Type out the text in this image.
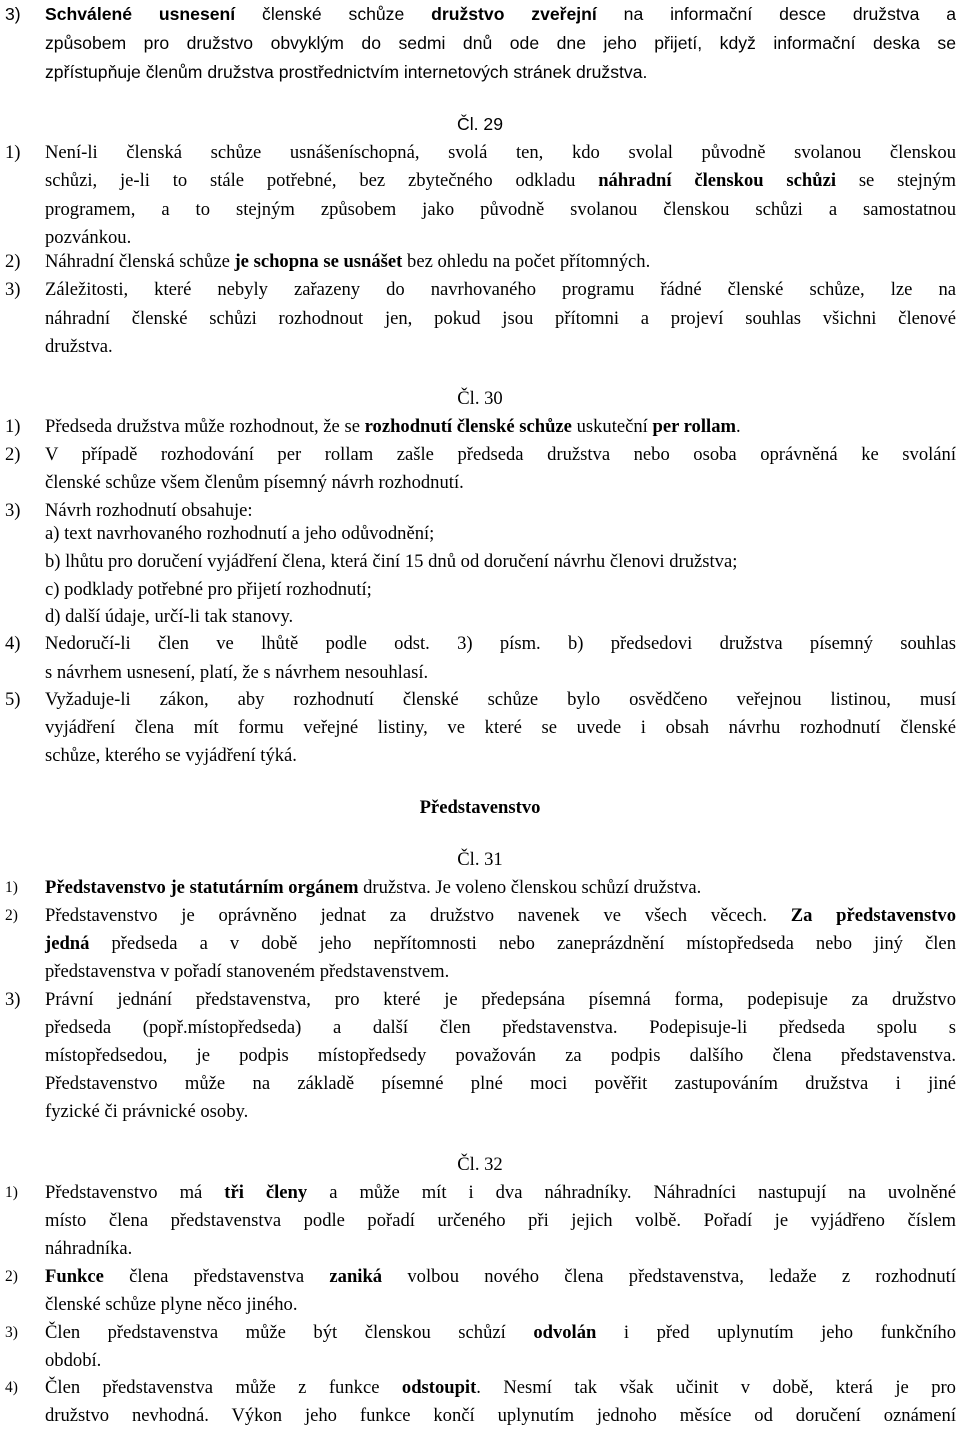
3)	Schválené usnesení členské schůze družstvo zveřejní na informační desce družstva a
způsobem pro družstvo obvyklým do sedmi dnů ode dne jeho přijetí, když informační deska se
zpřístupňuje členům družstva prostřednictvím internetových stránek družstva.
Čl. 29
1)	Není-li členská schůze usnášeníschopná, svolá ten, kdo svolal původně svolanou členskou
schůzi, je-li to stále potřebné, bez zbytečného odkladu náhradní členskou schůzi se stejným
programem, a to stejným způsobem jako původně svolanou členskou schůzi a samostatnou
pozvánkou.
2)	Náhradní členská schůze je schopna se usnášet bez ohledu na počet přítomných.
3)	Záležitosti, které nebyly zařazeny do navrhovaného programu řádné členské schůze, lze na
náhradní členské schůzi rozhodnout jen, pokud jsou přítomni a projeví souhlas všichni členové
družstva.
Čl. 30
1)	Předseda družstva může rozhodnout, že se rozhodnutí členské schůze uskuteční per rollam.
2)	V případě rozhodování per rollam zašle předseda družstva nebo osoba oprávněná ke svolání
členské schůze všem členům písemný návrh rozhodnutí.
3)	Návrh rozhodnutí obsahuje:
a) text navrhovaného rozhodnutí a jeho odůvodnění;
b) lhůtu pro doručení vyjádření člena, která činí 15 dnů od doručení návrhu členovi družstva;
c) podklady potřebné pro přijetí rozhodnutí;
d) další údaje, určí-li tak stanovy.
4)	Nedoručí-li člen ve lhůtě podle odst. 3) písm. b) předsedovi družstva písemný souhlas
s návrhem usnesení, platí, že s návrhem nesouhlasí.
5)	Vyžaduje-li zákon, aby rozhodnutí členské schůze bylo osvědčeno veřejnou listinou, musí
vyjádření člena mít formu veřejné listiny, ve které se uvede i obsah návrhu rozhodnutí členské
schůze, kterého se vyjádření týká.
Představenstvo
Čl. 31
1)	Představenstvo je statutárním orgánem družstva. Je voleno členskou schůzí družstva.
2)	Představenstvo je oprávněno jednat za družstvo navenek ve všech věcech. Za představenstvo
jedná předseda a v době jeho nepřítomnosti nebo zaneprázdnění místopředseda nebo jiný člen
představenstva v pořadí stanoveném představenstvem.
3)	Právní jednání představenstva, pro které je předepsána písemná forma, podepisuje za družstvo
předseda (popř.místopředseda) a další člen představenstva. Podepisuje-li předseda spolu s
místopředsedou, je podpis místopředsedy považován za podpis dalšího člena představenstva.
Představenstvo může na základě písemné plné moci pověřit zastupováním družstva i jiné
fyzické či právnické osoby.
Čl. 32
1)	Představenstvo má tři členy a může mít i dva náhradníky. Náhradníci nastupují na uvolněné
místo člena představenstva podle pořadí určeného při jejich volbě. Pořadí je vyjádřeno číslem
náhradníka.
2)	Funkce člena představenstva zaniká volbou nového člena představenstva, ledaže z rozhodnutí
členské schůze plyne něco jiného.
3)	Člen představenstva může být členskou schůzí odvolán i před uplynutím jeho funkčního
období.
4)	Člen představenstva může z funkce odstoupit. Nesmí tak však učinit v době, která je pro
družstvo nevhodná. Výkon jeho funkce končí uplynutím jednoho měsíce od doručení oznámení
